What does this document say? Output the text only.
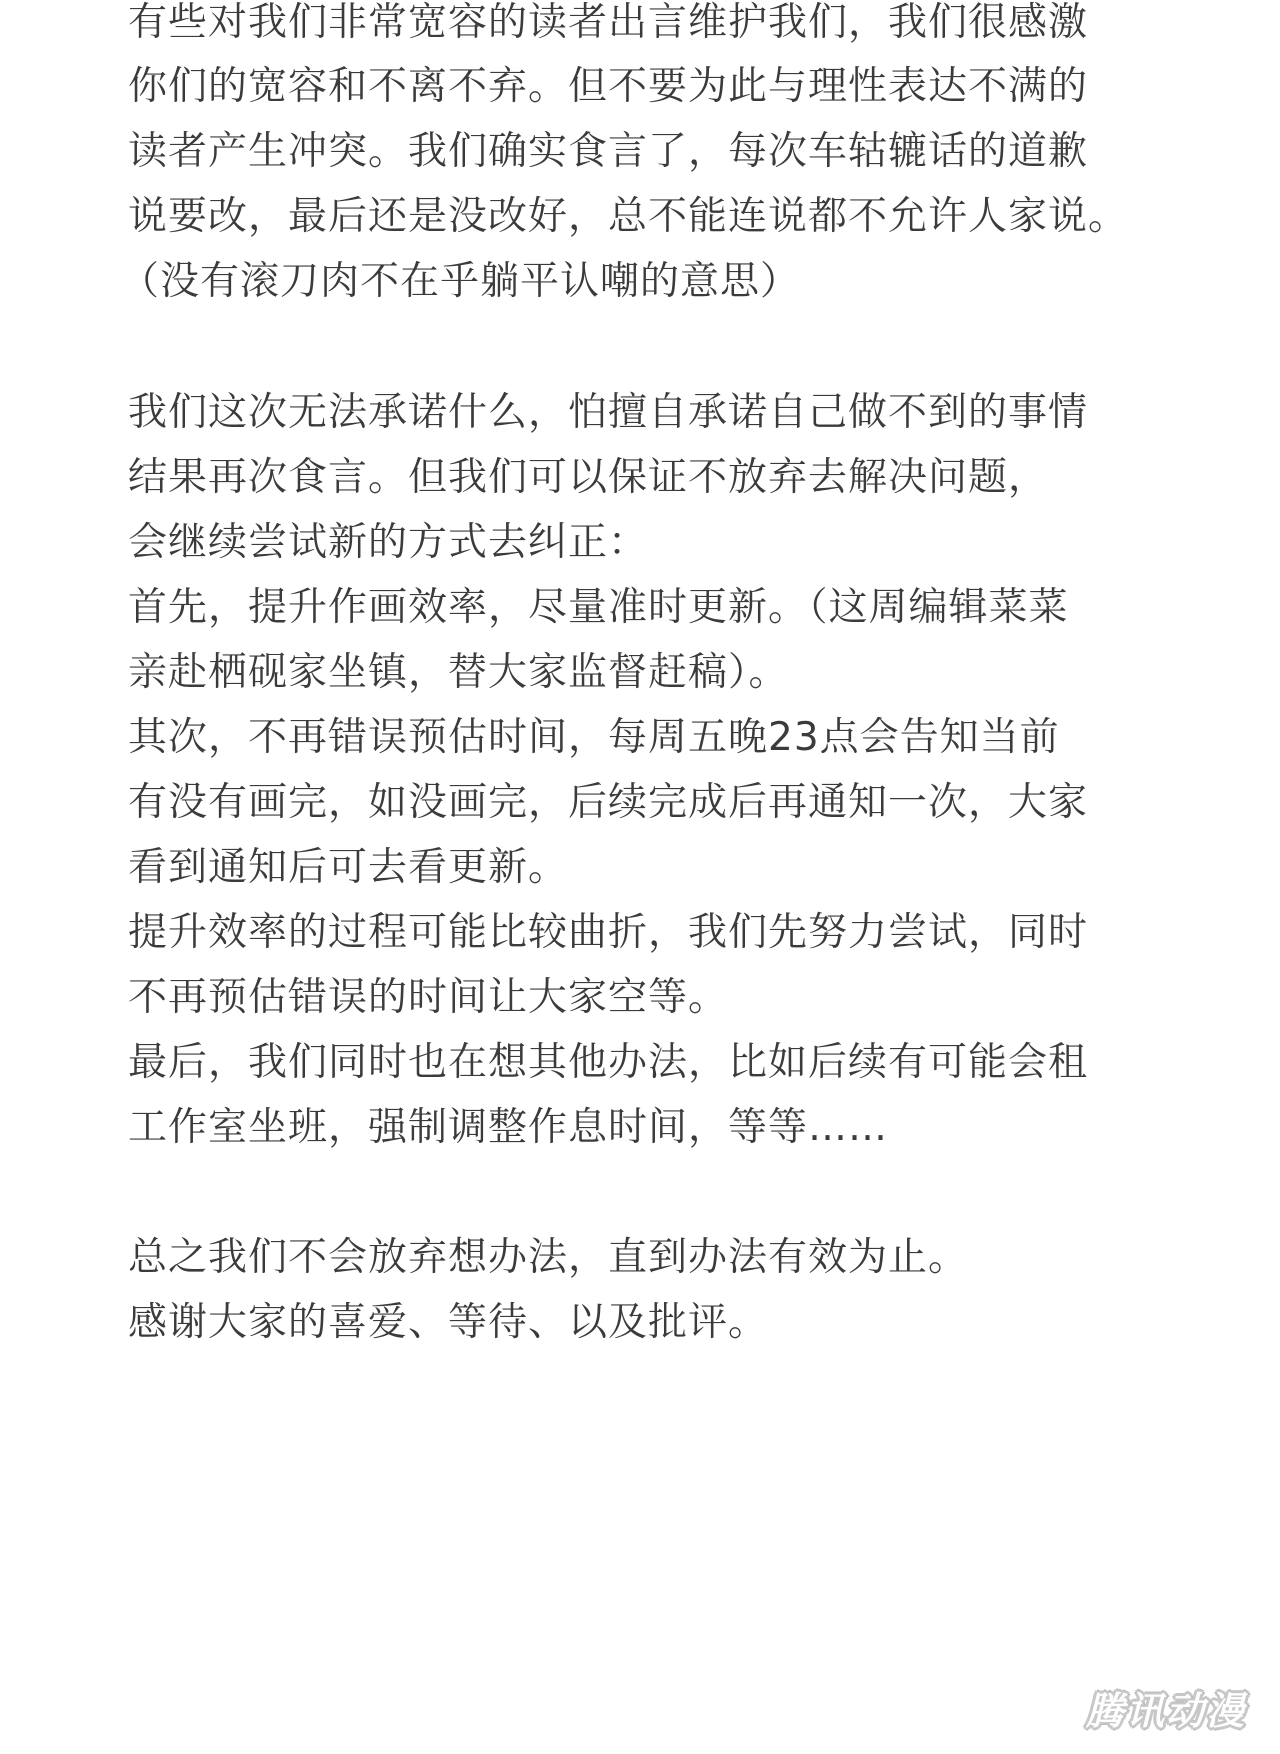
有些对我们非常宽容的读者出言维护我们，我们很感激
你们的宽容和不离不弃。但不要为此与理性表达不满的
读者产生冲突。我们确实食言了，每次车轱辘话的道歉
说要改，最后还是没改好，总不能连说都不允许人家说。
（没有滚刀肉不在乎躺平认嘲的意思）
我们这次无法承诺什么，怕擅自承诺自己做不到的事情
结果再次食言。但我们可以保证不放弃去解决问题，
会继续尝试新的方式去纠正：
首先，提升作画效率，尽量准时更新。（这周编辑菜菜
亲赴栖砚家坐镇，替大家监督赶稿）。
其次，不再错误预估时间，每周五晚23点会告知当前
有没有画完，如没画完，后续完成后再通知一次，大家
看到通知后可去看更新。
提升效率的过程可能比较曲折，我们先努力尝试，同时
不再预估错误的时间让大家空等。
最后，我们同时也在想其他办法，比如后续有可能会租
工作室坐班，强制调整作息时间，等等……
总之我们不会放弃想办法，直到办法有效为止。
感谢大家的喜爱、等待、以及批评。
腾讯动漫
